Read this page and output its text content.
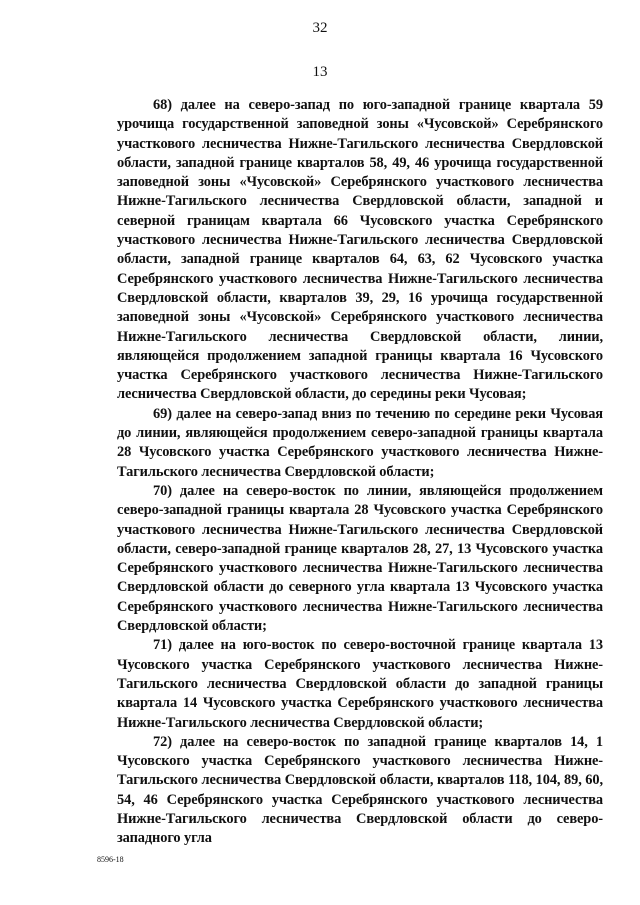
32
13

68) далее на северо-запад по юго-западной границе квартала 59 урочища государственной заповедной зоны «Чусовской» Серебрянского участкового лесничества Нижне-Тагильского лесничества Свердловской области, западной границе кварталов 58, 49, 46 урочища государственной заповедной зоны «Чусовской» Серебрянского участкового лесничества Нижне-Тагильского лесничества Свердловской области, западной и северной границам квартала 66 Чусовского участка Серебрянского участкового лесничества Нижне-Тагильского лесничества Свердловской области, западной границе кварталов 64, 63, 62 Чусовского участка Серебрянского участкового лесничества Нижне-Тагильского лесничества Свердловской области, кварталов 39, 29, 16 урочища государственной заповедной зоны «Чусовской» Серебрянского участкового лесничества Нижне-Тагильского лесничества Свердловской области, линии, являющейся продолжением западной границы квартала 16 Чусовского участка Серебрянского участкового лесничества Нижне-Тагильского лесничества Свердловской области, до середины реки Чусовая;

69) далее на северо-запад вниз по течению по середине реки Чусовая до линии, являющейся продолжением северо-западной границы квартала 28 Чусовского участка Серебрянского участкового лесничества Нижне-Тагильского лесничества Свердловской области;

70) далее на северо-восток по линии, являющейся продолжением северо-западной границы квартала 28 Чусовского участка Серебрянского участкового лесничества Нижне-Тагильского лесничества Свердловской области, северо-западной границе кварталов 28, 27, 13 Чусовского участка Серебрянского участкового лесничества Нижне-Тагильского лесничества Свердловской области до северного угла квартала 13 Чусовского участка Серебрянского участкового лесничества Нижне-Тагильского лесничества Свердловской области;

71) далее на юго-восток по северо-восточной границе квартала 13 Чусовского участка Серебрянского участкового лесничества Нижне-Тагильского лесничества Свердловской области до западной границы квартала 14 Чусовского участка Серебрянского участкового лесничества Нижне-Тагильского лесничества Свердловской области;

72) далее на северо-восток по западной границе кварталов 14, 1 Чусовского участка Серебрянского участкового лесничества Нижне-Тагильского лесничества Свердловской области, кварталов 118, 104, 89, 60, 54, 46 Серебрянского участка Серебрянского участкового лесничества Нижне-Тагильского лесничества Свердловской области до северо-западного угла

8596-18
